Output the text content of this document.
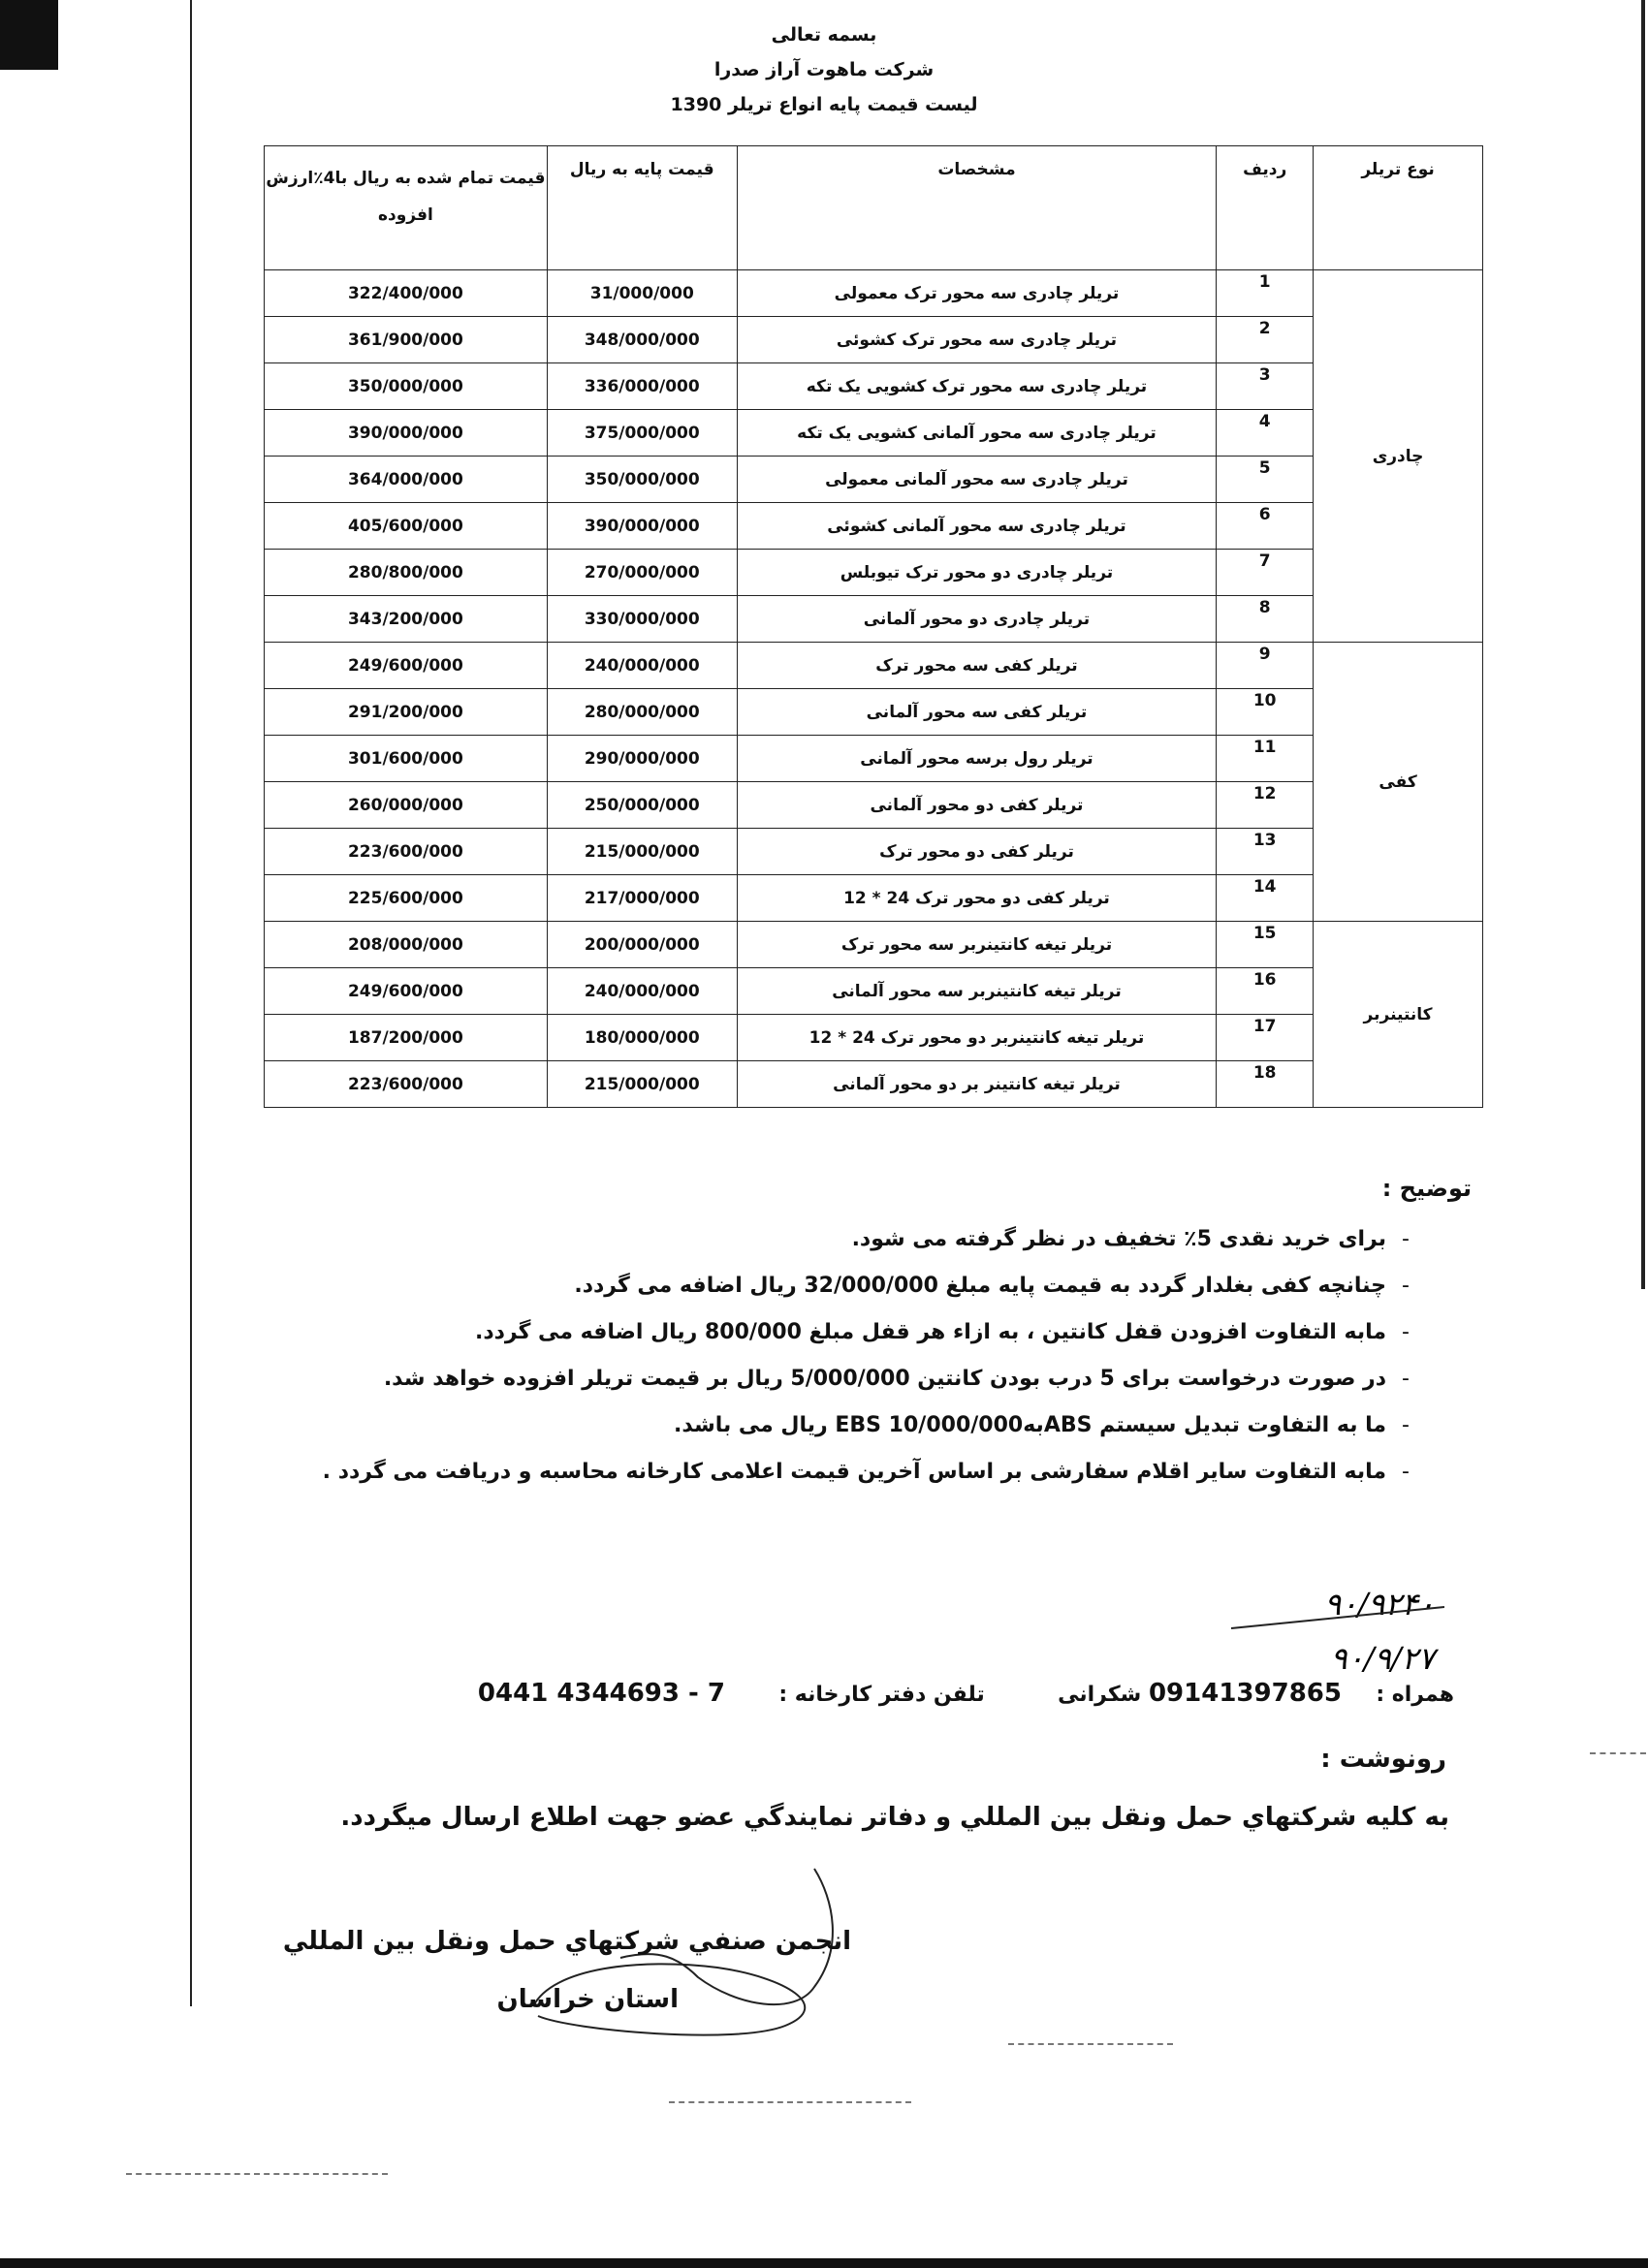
بسمه تعالی
شرکت ماهوت آراز صدرا
لیست قیمت پایه انواع تریلر 1390
نوع تریلر	ردیف	مشخصات	قیمت پایه به ریال	قیمت تمام شده به ریال با4٪ارزش افزوده
چادری	1	تریلر چادری سه محور ترک معمولی	31/000/000	322/400/000
	2	تریلر چادری سه محور ترک کشوئی	348/000/000	361/900/000
	3	تریلر چادری سه محور ترک کشویی یک تکه	336/000/000	350/000/000
	4	تریلر چادری سه محور آلمانی کشویی یک تکه	375/000/000	390/000/000
	5	تریلر چادری سه محور آلمانی معمولی	350/000/000	364/000/000
	6	تریلر چادری سه محور آلمانی کشوئی	390/000/000	405/600/000
	7	تریلر چادری دو محور ترک تیوبلس	270/000/000	280/800/000
	8	تریلر چادری دو محور آلمانی	330/000/000	343/200/000
کفی	9	تریلر کفی سه محور ترک	240/000/000	249/600/000
	10	تریلر کفی سه محور آلمانی	280/000/000	291/200/000
	11	تریلر رول برسه محور آلمانی	290/000/000	301/600/000
	12	تریلر کفی دو محور آلمانی	250/000/000	260/000/000
	13	تریلر کفی دو محور ترک	215/000/000	223/600/000
	14	تریلر کفی دو محور ترک 24 * 12	217/000/000	225/600/000
کانتینربر	15	تریلر تیغه کانتینربر سه محور ترک	200/000/000	208/000/000
	16	تریلر تیغه کانتینربر سه محور آلمانی	240/000/000	249/600/000
	17	تریلر تیغه کانتینربر دو محور ترک 24 * 12	180/000/000	187/200/000
	18	تریلر تیغه کانتینر بر دو محور آلمانی	215/000/000	223/600/000
توضیح :
-
برای خرید نقدی 5٪ تخفیف در نظر گرفته می شود.
-
چنانچه کفی بغلدار گردد به قیمت پایه مبلغ 32/000/000 ریال اضافه می گردد.
-
مابه التفاوت افزودن قفل کانتین ، به ازاء هر قفل مبلغ 800/000 ریال اضافه می گردد.
-
در صورت درخواست برای 5 درب بودن کانتین 5/000/000 ریال بر قیمت تریلر افزوده خواهد شد.
-
ما به التفاوت تبدیل سیستم ABSبهEBS 10/000/000 ریال می باشد.
-
مابه التفاوت سایر اقلام سفارشی بر اساس آخرین قیمت اعلامی کارخانه محاسبه و دریافت می گردد .
۹۰/۹۲۴۰
۹۰/۹/۲۷
همراه :  09141397865 شکرانی  تلفن دفتر کارخانه :  0441 4344693 - 7
رونوشت :
به كليه شركتهاي حمل ونقل بين المللي و دفاتر نمايندگي عضو جهت اطلاع ارسال ميگردد.
انجمن صنفي شركتهاي حمل ونقل بين المللي
استان خراسان
